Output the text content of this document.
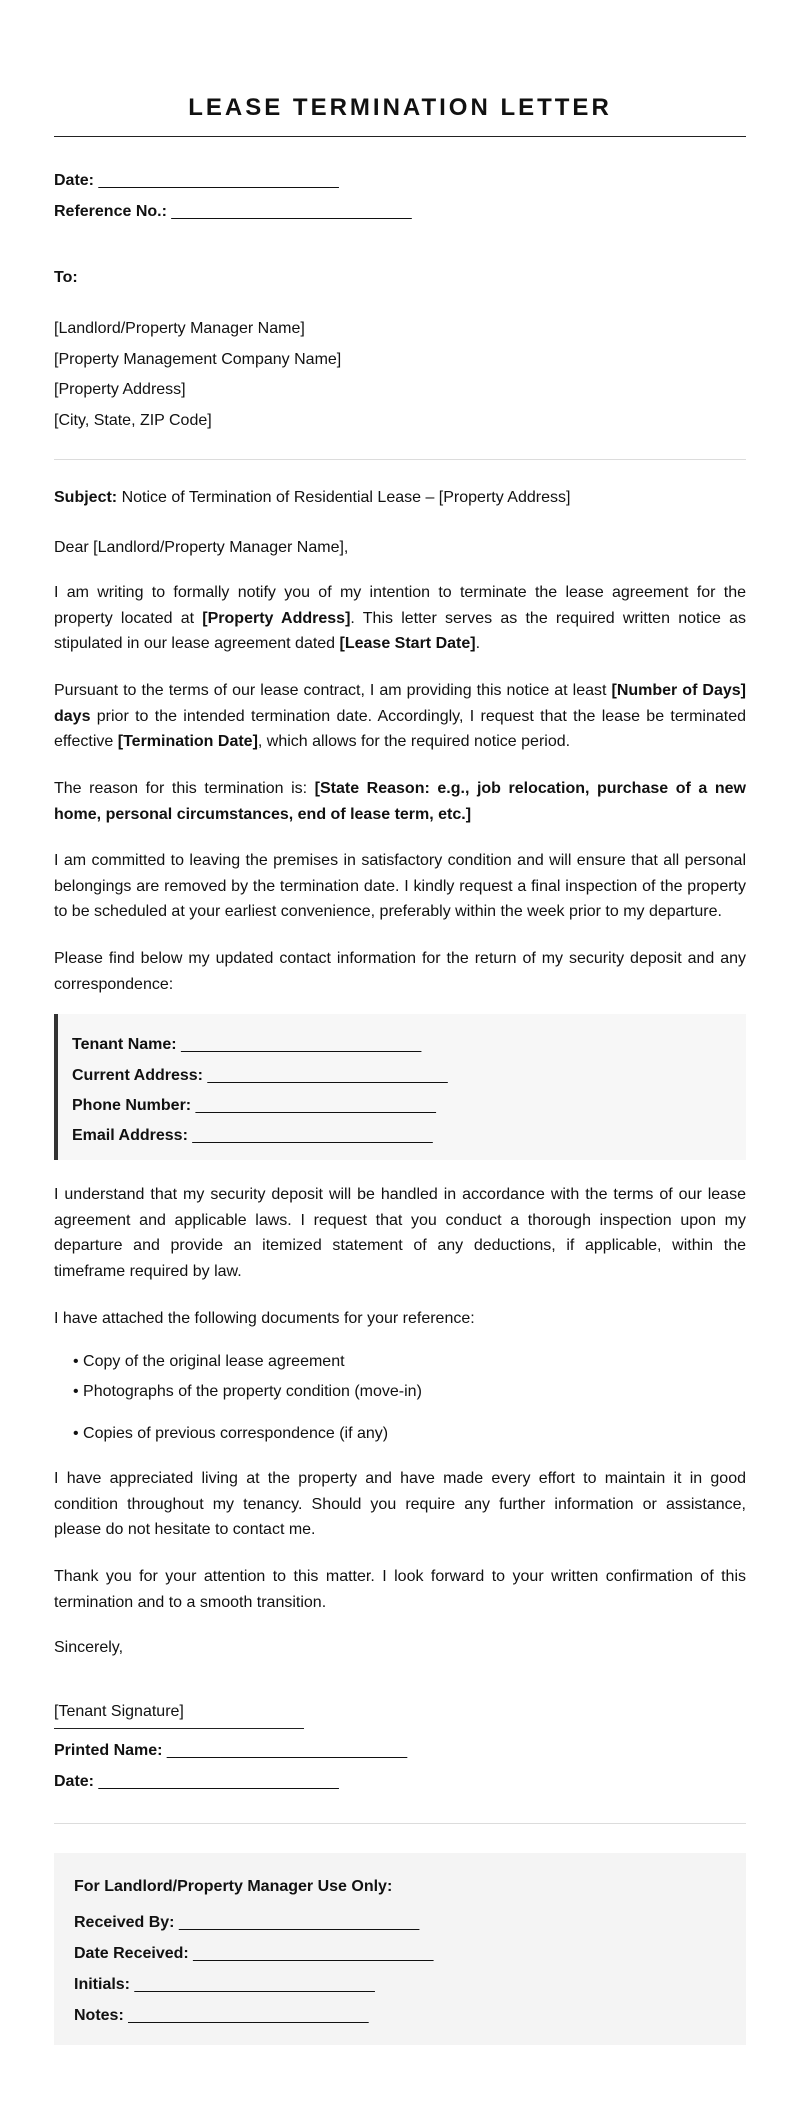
LEASE TERMINATION LETTER
Date: ___________________________
Reference No.: ___________________________
To:
[Landlord/Property Manager Name]
[Property Management Company Name]
[Property Address]
[City, State, ZIP Code]
Subject: Notice of Termination of Residential Lease – [Property Address]
Dear [Landlord/Property Manager Name],
I am writing to formally notify you of my intention to terminate the lease agreement for the property located at [Property Address]. This letter serves as the required written notice as stipulated in our lease agreement dated [Lease Start Date].
Pursuant to the terms of our lease contract, I am providing this notice at least [Number of Days] days prior to the intended termination date. Accordingly, I request that the lease be terminated effective [Termination Date], which allows for the required notice period.
The reason for this termination is: [State Reason: e.g., job relocation, purchase of a new home, personal circumstances, end of lease term, etc.]
I am committed to leaving the premises in satisfactory condition and will ensure that all personal belongings are removed by the termination date. I kindly request a final inspection of the property to be scheduled at your earliest convenience, preferably within the week prior to my departure.
Please find below my updated contact information for the return of my security deposit and any correspondence:
Tenant Name: ___________________________
Current Address: ___________________________
Phone Number: ___________________________
Email Address: ___________________________
I understand that my security deposit will be handled in accordance with the terms of our lease agreement and applicable laws. I request that you conduct a thorough inspection upon my departure and provide an itemized statement of any deductions, if applicable, within the timeframe required by law.
I have attached the following documents for your reference:
• Copy of the original lease agreement
• Photographs of the property condition (move-in)
• Copies of previous correspondence (if any)
I have appreciated living at the property and have made every effort to maintain it in good condition throughout my tenancy. Should you require any further information or assistance, please do not hesitate to contact me.
Thank you for your attention to this matter. I look forward to your written confirmation of this termination and to a smooth transition.
Sincerely,
[Tenant Signature]
Printed Name: ___________________________
Date: ___________________________
For Landlord/Property Manager Use Only:
Received By: ___________________________
Date Received: ___________________________
Initials: ___________________________
Notes: ___________________________
